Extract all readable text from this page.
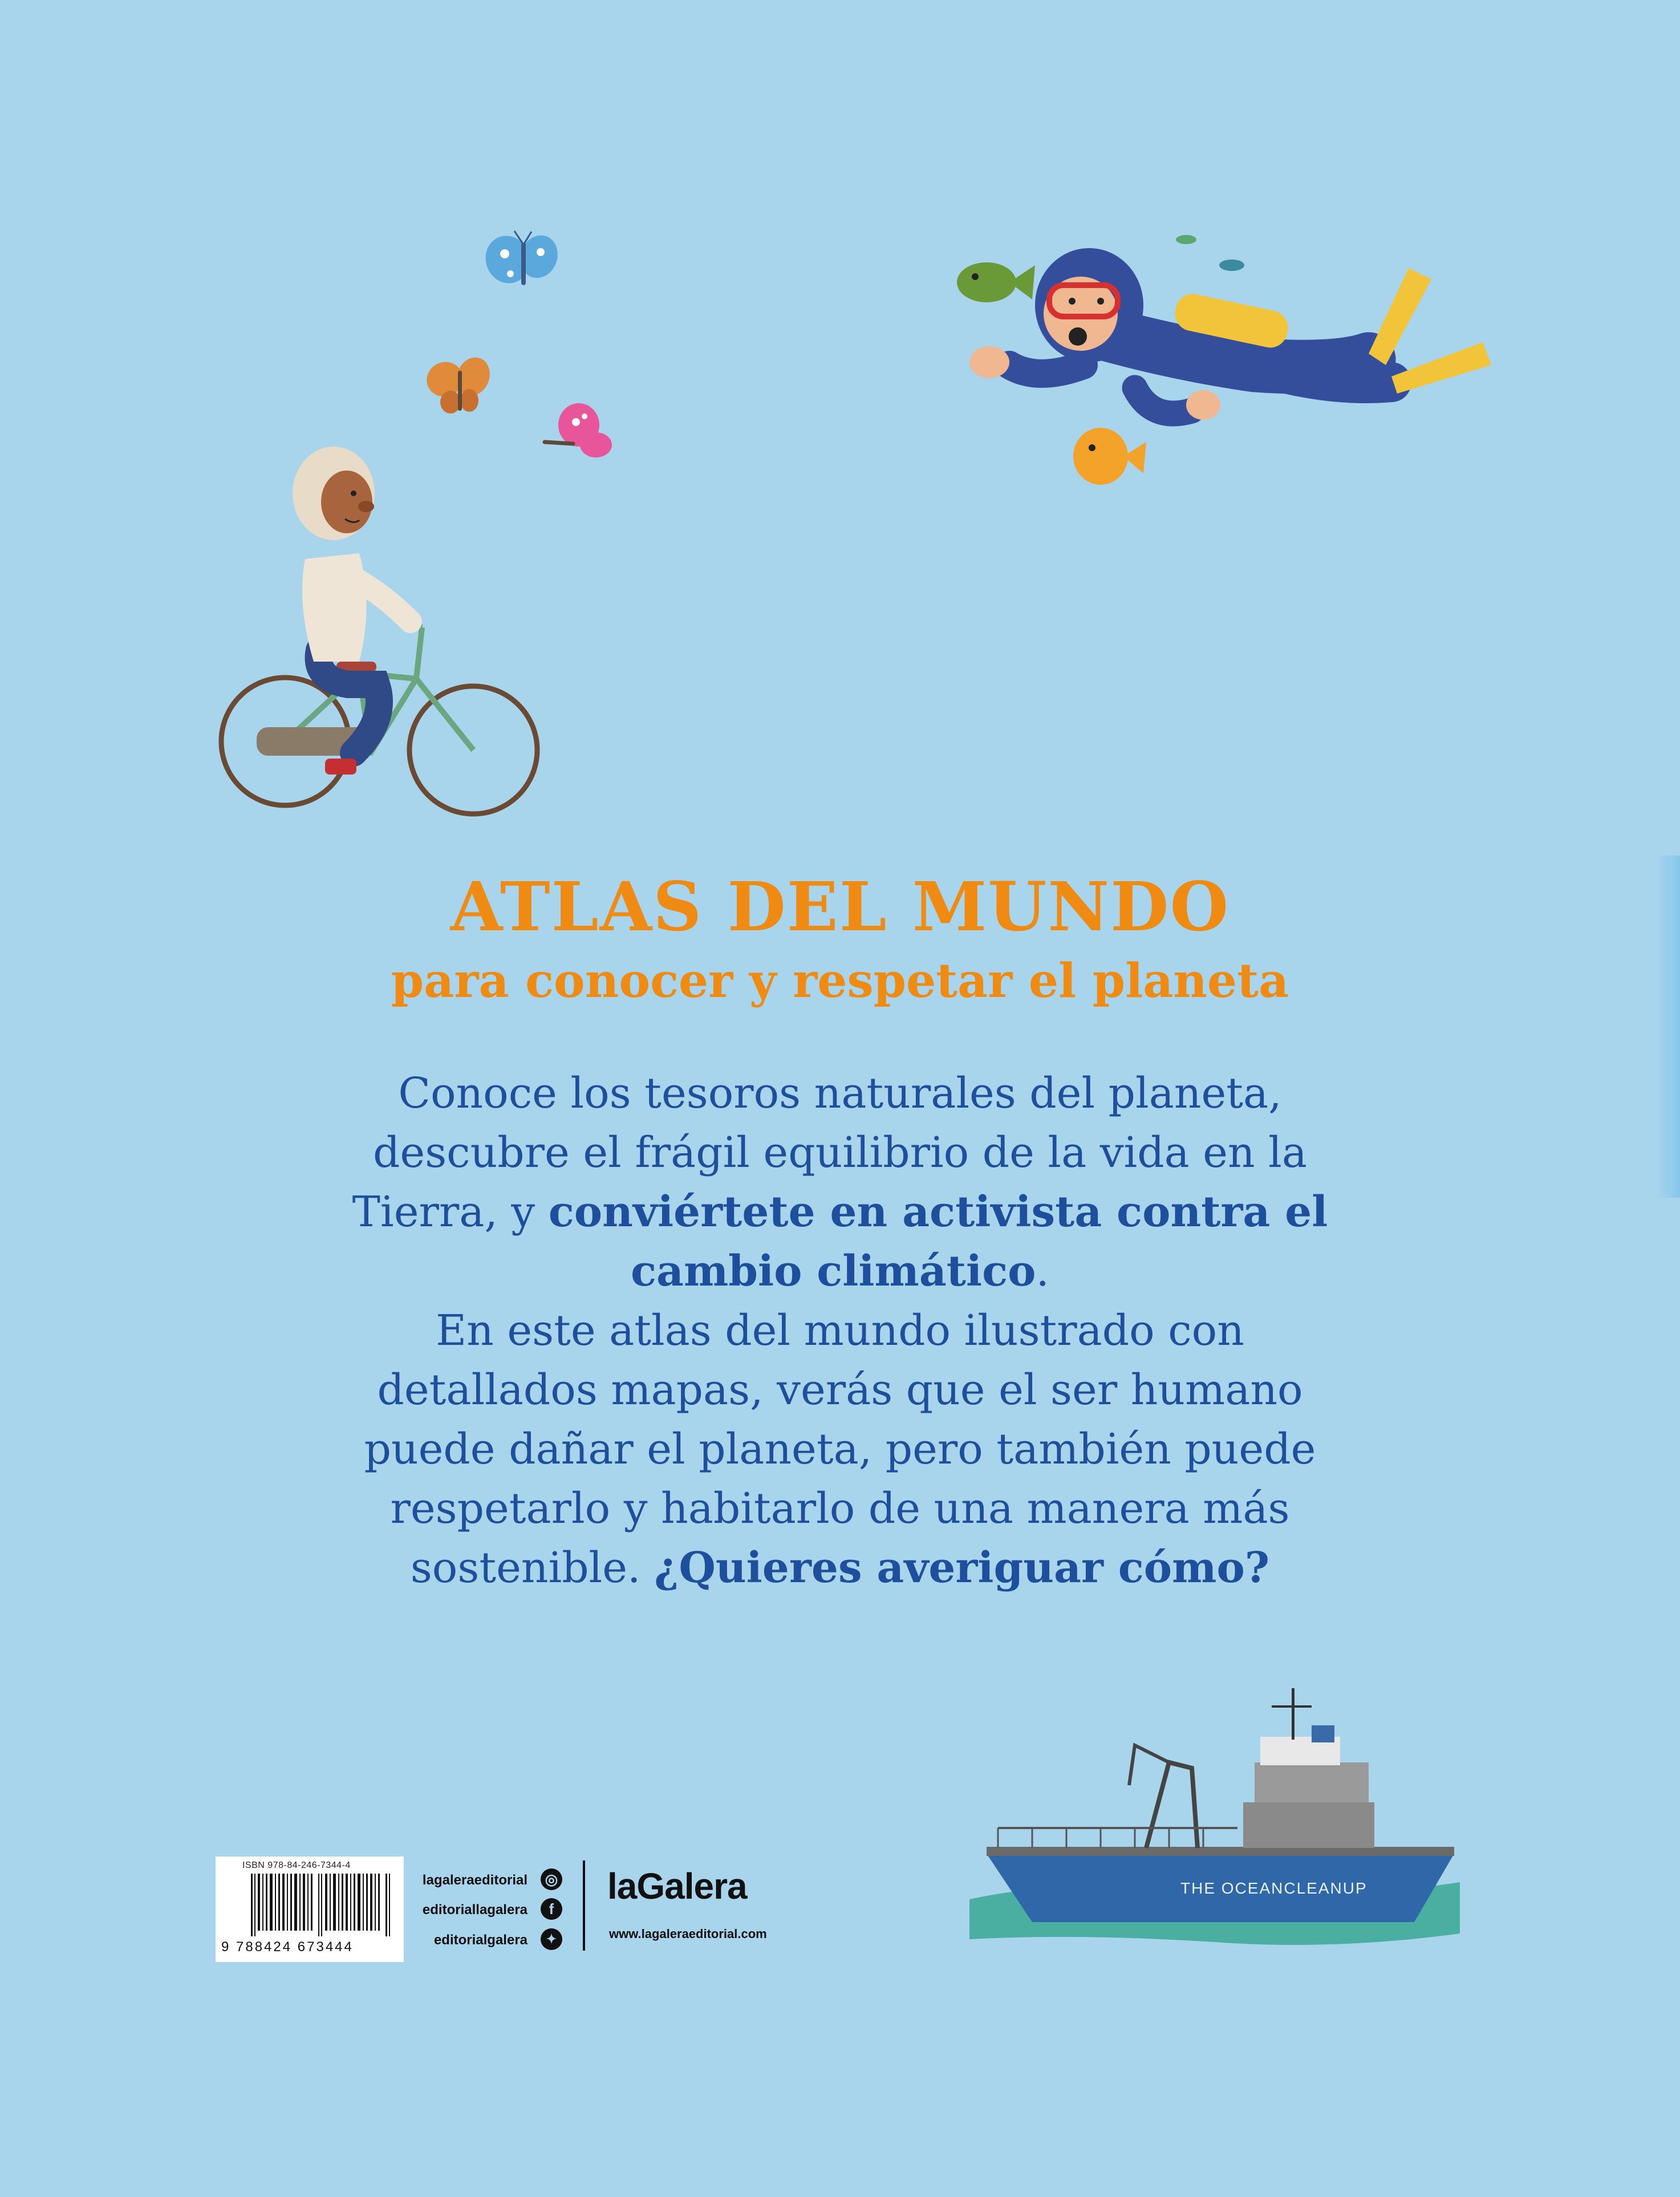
ATLAS DEL MUNDO
para conocer y respetar el planeta
Conoce los tesoros naturales del planeta, descubre el frágil equilibrio de la vida en la Tierra, y conviértete en activista contra el cambio climático.
En este atlas del mundo ilustrado con detallados mapas, verás que el ser humano puede dañar el planeta, pero también puede respetarlo y habitarlo de una manera más sostenible. ¿Quieres averiguar cómo?
THE OCEANCLEANUP
ISBN 978-84-246-7344-4
9 788424 673444
lagaleraeditorial ◎
editoriallagalera	f
editorialgalera	✦
laGalera
www.lagaleraeditorial.com
